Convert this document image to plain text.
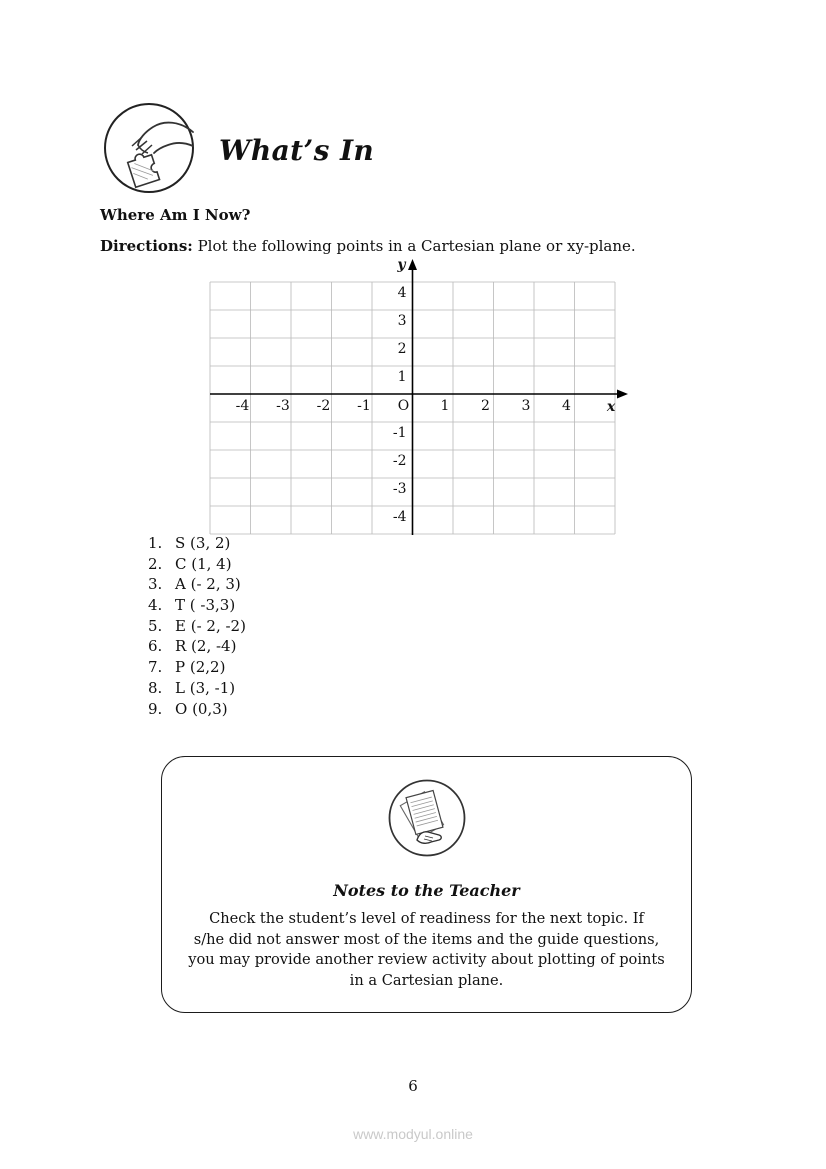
What’s In
Where Am I Now?

Directions: Plot the following points in a Cartesian plane or xy-plane.

-4 -3 -2 -1	1 2 3 4
O
4
3
2
1
-1
-2
-3
-4
y
x
1. S (3, 2)
2. C (1, 4)
3. A (- 2, 3)
4. T ( -3,3)
5. E (- 2, -2)
6. R (2, -4)
7. P (2,2)
8. L (3, -1)
9. O (0,3)
Notes to the Teacher
Check the student’s level of readiness for the next topic. If
s/he did not answer most of the items and the guide questions,
you may provide another review activity about plotting of points
in a Cartesian plane.
6
www.modyul.online
